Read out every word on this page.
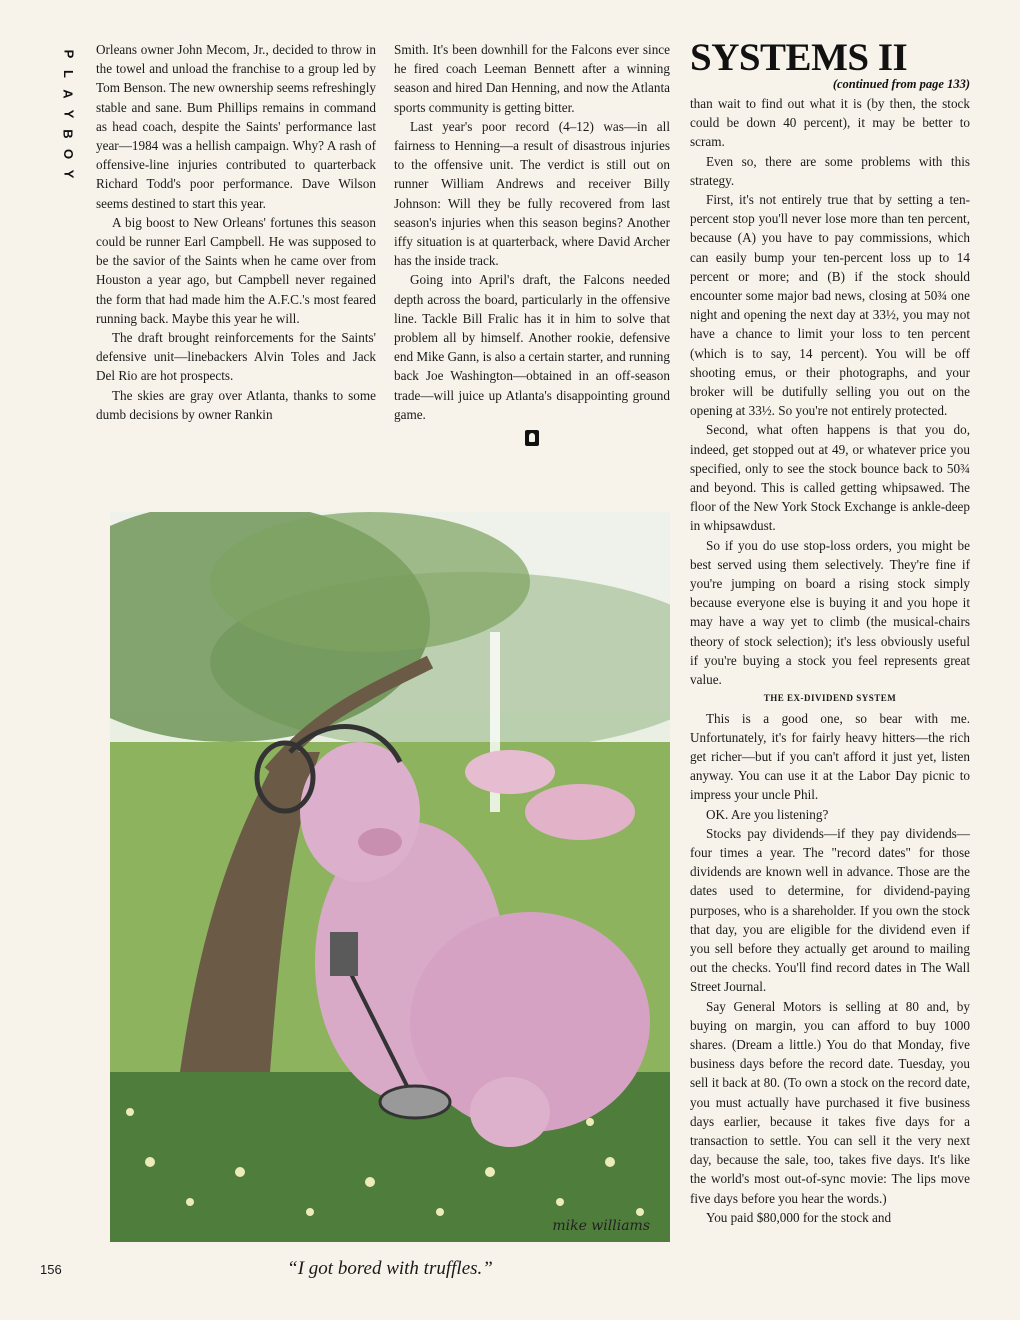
P
L
A
Y
B
O
Y

Orleans owner John Mecom, Jr., decided to throw in the towel and unload the franchise to a group led by Tom Benson. The new ownership seems refreshingly stable and sane. Bum Phillips remains in command as head coach, despite the Saints' performance last year—1984 was a hellish campaign. Why? A rash of offensive-line injuries contributed to quarterback Richard Todd's poor performance. Dave Wilson seems destined to start this year.

A big boost to New Orleans' fortunes this season could be runner Earl Campbell. He was supposed to be the savior of the Saints when he came over from Houston a year ago, but Campbell never regained the form that had made him the A.F.C.'s most feared running back. Maybe this year he will.

The draft brought reinforcements for the Saints' defensive unit—linebackers Alvin Toles and Jack Del Rio are hot prospects.

The skies are gray over Atlanta, thanks to some dumb decisions by owner Rankin

Smith. It's been downhill for the Falcons ever since he fired coach Leeman Bennett after a winning season and hired Dan Henning, and now the Atlanta sports community is getting bitter.

Last year's poor record (4–12) was—in all fairness to Henning—a result of disastrous injuries to the offensive unit. The verdict is still out on runner William Andrews and receiver Billy Johnson: Will they be fully recovered from last season's injuries when this season begins? Another iffy situation is at quarterback, where David Archer has the inside track.

Going into April's draft, the Falcons needed depth across the board, particularly in the offensive line. Tackle Bill Fralic has it in him to solve that problem all by himself. Another rookie, defensive end Mike Gann, is also a certain starter, and running back Joe Washington—obtained in an off-season trade—will juice up Atlanta's disappointing ground game.

SYSTEMS II
(continued from page 133)

than wait to find out what it is (by then, the stock could be down 40 percent), it may be better to scram.

Even so, there are some problems with this strategy.

First, it's not entirely true that by setting a ten-percent stop you'll never lose more than ten percent, because (A) you have to pay commissions, which can easily bump your ten-percent loss up to 14 percent or more; and (B) if the stock should encounter some major bad news, closing at 50¾ one night and opening the next day at 33½, you may not have a chance to limit your loss to ten percent (which is to say, 14 percent). You will be off shooting emus, or their photographs, and your broker will be dutifully selling you out on the opening at 33½. So you're not entirely protected.

Second, what often happens is that you do, indeed, get stopped out at 49, or whatever price you specified, only to see the stock bounce back to 50¾ and beyond. This is called getting whipsawed. The floor of the New York Stock Exchange is ankle-deep in whipsawdust.

So if you do use stop-loss orders, you might be best served using them selectively. They're fine if you're jumping on board a rising stock simply because everyone else is buying it and you hope it may have a way yet to climb (the musical-chairs theory of stock selection); it's less obviously useful if you're buying a stock you feel represents great value.

THE EX-DIVIDEND SYSTEM

This is a good one, so bear with me. Unfortunately, it's for fairly heavy hitters—the rich get richer—but if you can't afford it just yet, listen anyway. You can use it at the Labor Day picnic to impress your uncle Phil.

OK. Are you listening?

Stocks pay dividends—if they pay dividends—four times a year. The "record dates" for those dividends are known well in advance. Those are the dates used to determine, for dividend-paying purposes, who is a shareholder. If you own the stock that day, you are eligible for the dividend even if you sell before they actually get around to mailing out the checks. You'll find record dates in The Wall Street Journal.

Say General Motors is selling at 80 and, by buying on margin, you can afford to buy 1000 shares. (Dream a little.) You do that Monday, five business days before the record date. Tuesday, you sell it back at 80. (To own a stock on the record date, you must actually have purchased it five business days earlier, because it takes five days for a transaction to settle. You can sell it the very next day, because the sale, too, takes five days. It's like the world's most out-of-sync movie: The lips move five days before you hear the words.)

You paid $80,000 for the stock and

mike williams
“I got bored with truffles.”
156
